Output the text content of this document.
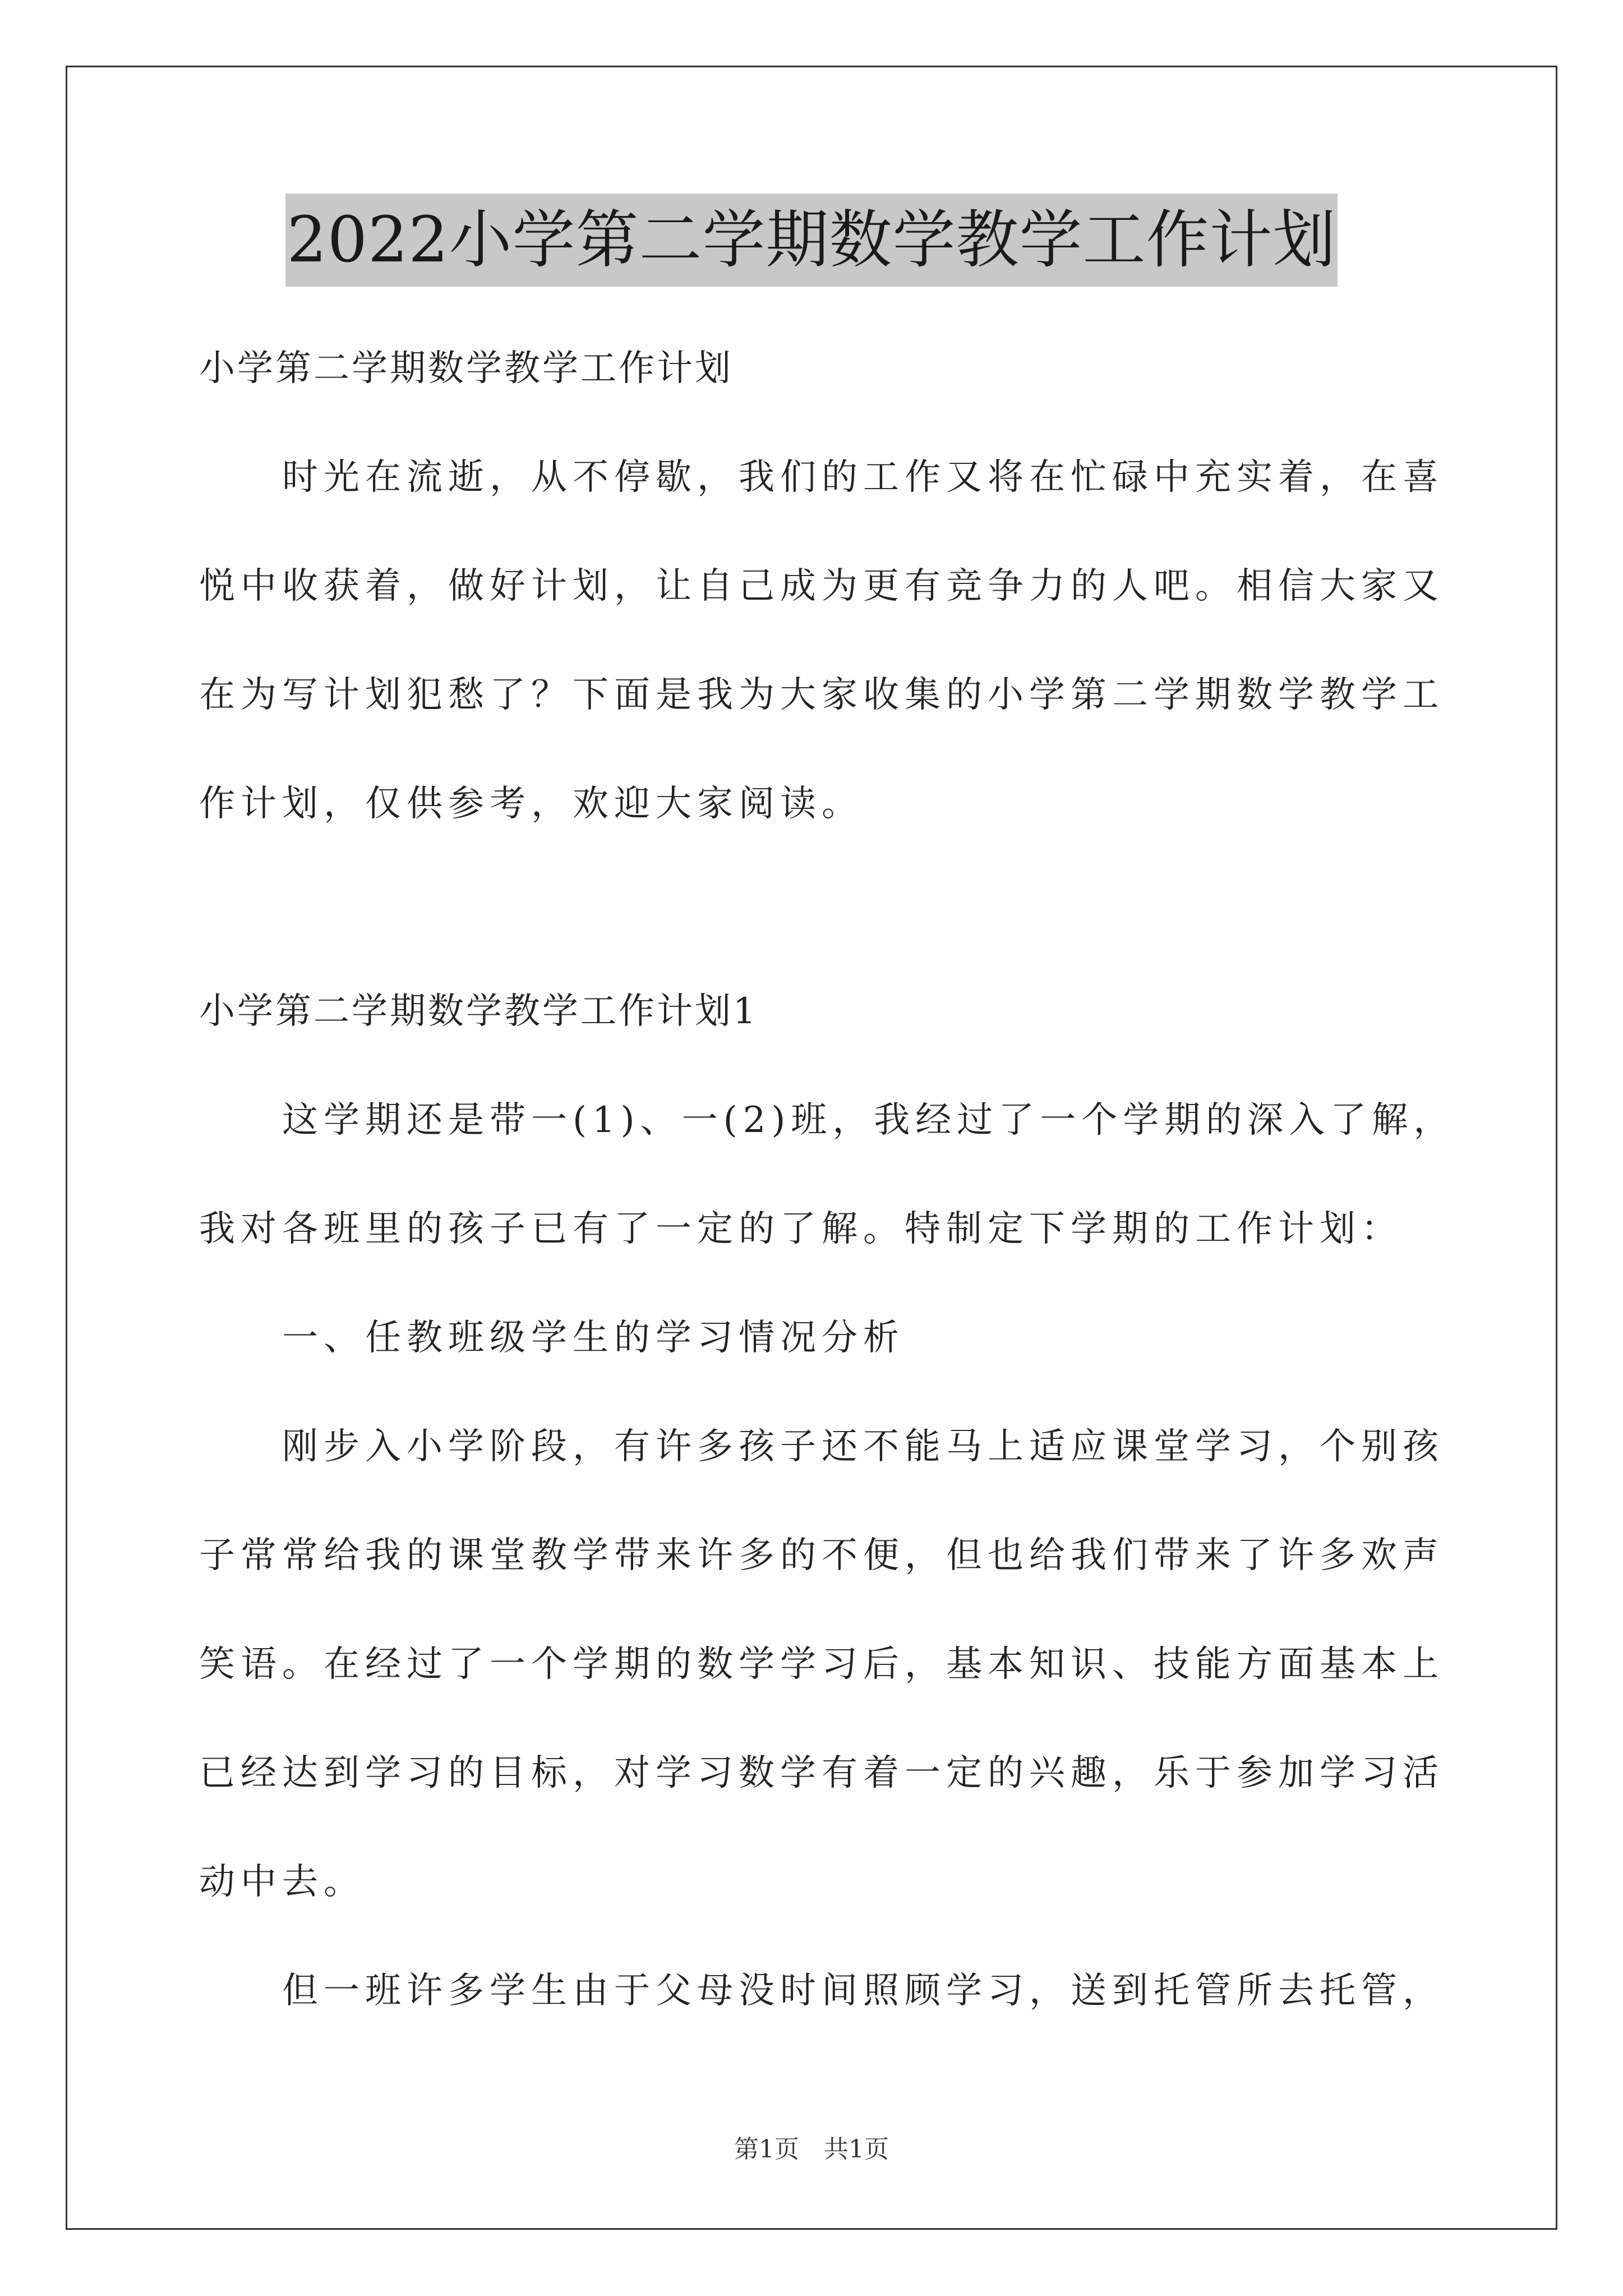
2022小学第二学期数学教学工作计划
小学第二学期数学教学工作计划
时光在流逝，从不停歇，我们的工作又将在忙碌中充实着，在喜
悦中收获着，做好计划，让自己成为更有竞争力的人吧。相信大家又
在为写计划犯愁了？下面是我为大家收集的小学第二学期数学教学工
作计划，仅供参考，欢迎大家阅读。
小学第二学期数学教学工作计划1
这学期还是带一(1)、一(2)班，我经过了一个学期的深入了解，
我对各班里的孩子已有了一定的了解。特制定下学期的工作计划：
一、任教班级学生的学习情况分析
刚步入小学阶段，有许多孩子还不能马上适应课堂学习，个别孩
子常常给我的课堂教学带来许多的不便，但也给我们带来了许多欢声
笑语。在经过了一个学期的数学学习后，基本知识、技能方面基本上
已经达到学习的目标，对学习数学有着一定的兴趣，乐于参加学习活
动中去。
但一班许多学生由于父母没时间照顾学习，送到托管所去托管，
第1页　共1页
